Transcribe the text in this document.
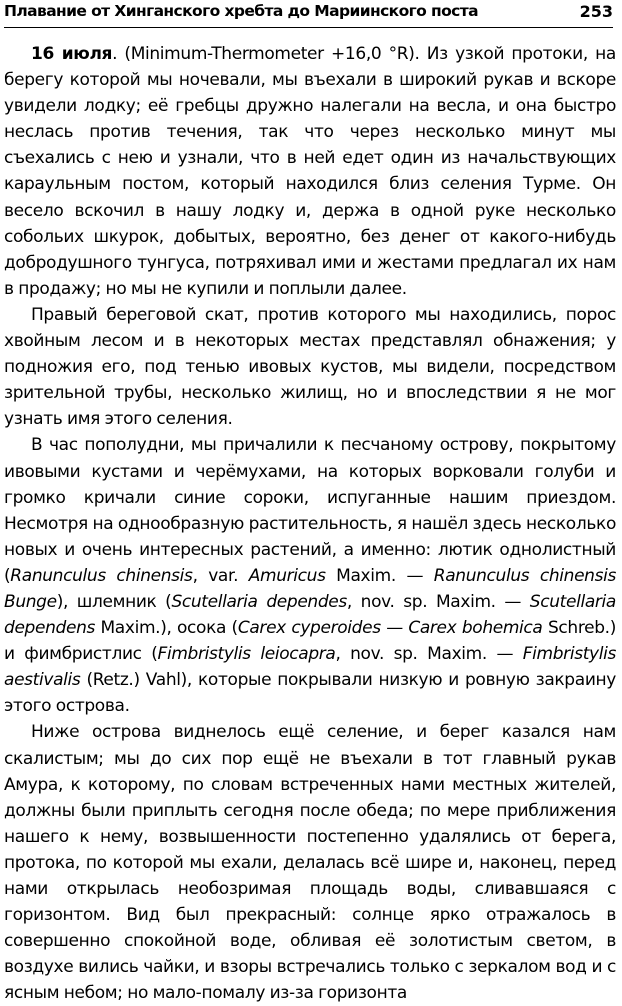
Плавание от Хинганского хребта до Мариинского поста	253

16 июля. (Minimum-Thermometer +16,0 °R). Из узкой протоки, на берегу которой мы ночевали, мы въехали в широкий рукав и вскоре увидели лодку; её гребцы дружно налегали на весла, и она быстро неслась против течения, так что через несколько минут мы съехались с нею и узнали, что в ней едет один из начальствующих караульным постом, который находился близ селения Турме. Он весело вскочил в нашу лодку и, держа в одной руке несколько собольих шкурок, добытых, вероятно, без денег от какого-нибудь добродушного тунгуса, потряхивал ими и жестами предлагал их нам в продажу; но мы не купили и поплыли далее.

Правый береговой скат, против которого мы находились, порос хвойным лесом и в некоторых местах представлял обнажения; у подножия его, под тенью ивовых кустов, мы видели, посредством зрительной трубы, несколько жилищ, но и впоследствии я не мог узнать имя этого селения.

В час пополудни, мы причалили к песчаному острову, покрытому ивовыми кустами и черёмухами, на которых ворковали голуби и громко кричали синие сороки, испуганные нашим приездом. Несмотря на однообразную растительность, я нашёл здесь несколько новых и очень интересных растений, а именно: лютик однолистный (Ranunculus chinensis, var. Amuricus Maxim. — Ranunculus chinensis Bunge), шлемник (Scutellaria dependes, nov. sp. Maxim. — Scutellaria dependens Maxim.), осока (Carex cyperoides — Carex bohemica Schreb.) и фимбристлис (Fimbristylis leiocapra, nov. sp. Maxim. — Fimbristylis aestivalis (Retz.) Vahl), которые покрывали низкую и ровную закраину этого острова.

Ниже острова виднелось ещё селение, и берег казался нам скалистым; мы до сих пор ещё не въехали в тот главный рукав Амура, к которому, по словам встреченных нами местных жителей, должны были приплыть сегодня после обеда; по мере приближения нашего к нему, возвышенности постепенно удалялись от берега, протока, по которой мы ехали, делалась всё шире и, наконец, перед нами открылась необозримая площадь воды, сливавшаяся с горизонтом. Вид был прекрасный: солнце ярко отражалось в совершенно спокойной воде, обливая её золотистым светом, в воздухе вились чайки, и взоры встречались только с зеркалом вод и с ясным небом; но мало-помалу из-за горизонта
